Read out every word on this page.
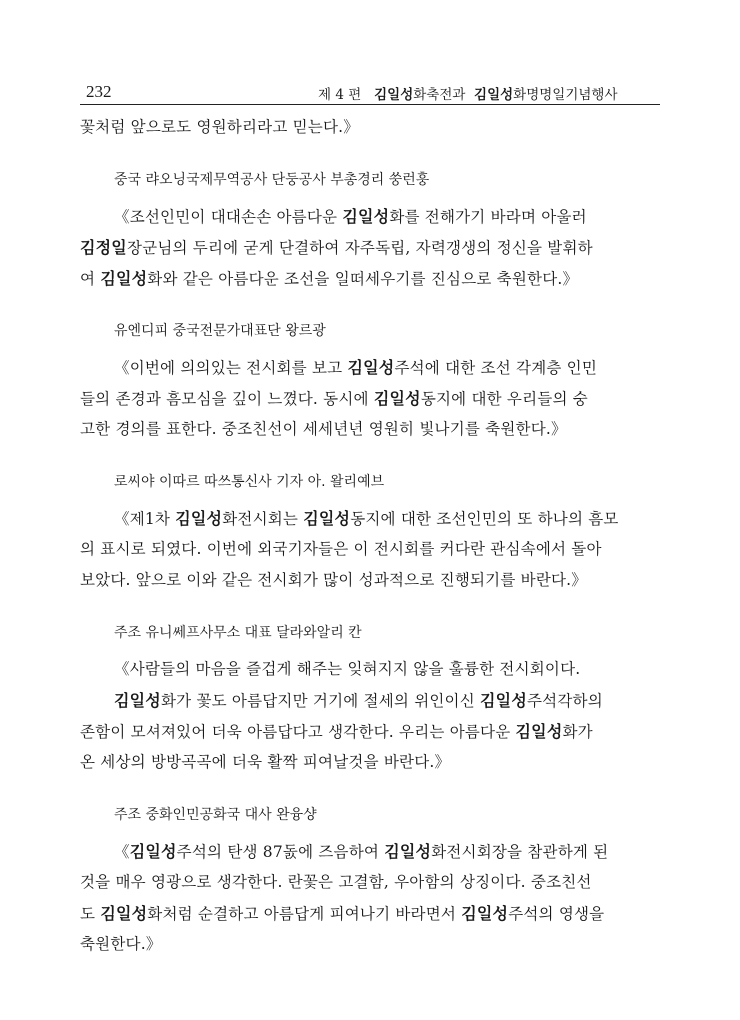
232	제 4 편 김일성화축전과 김일성화명명일기념행사
꽃처럼 앞으로도 영원하리라고 믿는다.》
중국 랴오닝국제무역공사 단둥공사 부총경리 쑹런훙
《조선인민이 대대손손 아름다운 김일성화를 전해가기 바라며 아울러
김정일장군님의 두리에 굳게 단결하여 자주독립, 자력갱생의 정신을 발휘하
여 김일성화와 같은 아름다운 조선을 일떠세우기를 진심으로 축원한다.》
유엔디피 중국전문가대표단 왕르광
《이번에 의의있는 전시회를 보고 김일성주석에 대한 조선 각계층 인민
들의 존경과 흠모심을 깊이 느꼈다. 동시에 김일성동지에 대한 우리들의 숭
고한 경의를 표한다. 중조친선이 세세년년 영원히 빛나기를 축원한다.》
로씨야 이따르 따쓰통신사 기자 아. 왈리예브
《제1차 김일성화전시회는 김일성동지에 대한 조선인민의 또 하나의 흠모
의 표시로 되였다. 이번에 외국기자들은 이 전시회를 커다란 관심속에서 돌아
보았다. 앞으로 이와 같은 전시회가 많이 성과적으로 진행되기를 바란다.》
주조 유니쎄프사무소 대표 달라와알리 칸
《사람들의 마음을 즐겁게 해주는 잊혀지지 않을 훌륭한 전시회이다.
김일성화가 꽃도 아름답지만 거기에 절세의 위인이신 김일성주석각하의
존함이 모셔져있어 더욱 아름답다고 생각한다. 우리는 아름다운 김일성화가
온 세상의 방방곡곡에 더욱 활짝 피여날것을 바란다.》
주조 중화인민공화국 대사 완융샹
《김일성주석의 탄생 87돐에 즈음하여 김일성화전시회장을 참관하게 된
것을 매우 영광으로 생각한다. 란꽃은 고결함, 우아함의 상징이다. 중조친선
도 김일성화처럼 순결하고 아름답게 피여나기 바라면서 김일성주석의 영생을
축원한다.》
